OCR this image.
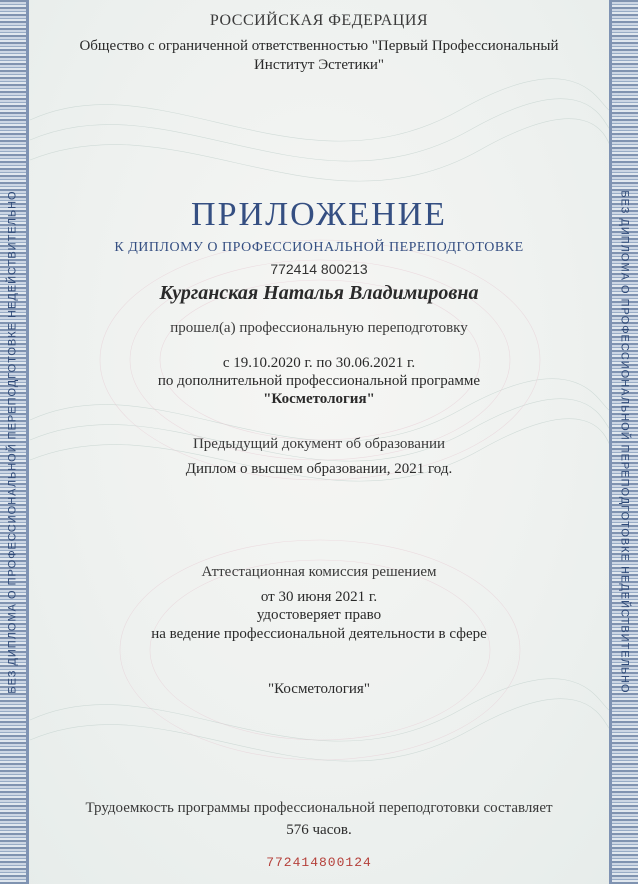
БЕЗ ДИПЛОМА О ПРОФЕССИОНАЛЬНОЙ ПЕРЕПОДГОТОВКЕ НЕДЕЙСТВИТЕЛЬНО	БЕЗ ДИПЛОМА О ПРОФЕССИОНАЛЬНОЙ ПЕРЕПОДГОТОВКЕ НЕДЕЙСТВИТЕЛЬНО
РОССИЙСКАЯ ФЕДЕРАЦИЯ
Общество с ограниченной ответственностью "Первый Профессиональный
Институт Эстетики"
ПРИЛОЖЕНИЕ
К ДИПЛОМУ О ПРОФЕССИОНАЛЬНОЙ ПЕРЕПОДГОТОВКЕ
772414 800213
Курганская Наталья Владимировна
прошел(а) профессиональную переподготовку
с 19.10.2020 г. по 30.06.2021 г.
по дополнительной профессиональной программе
"Косметология"
Предыдущий документ об образовании
Диплом о высшем образовании, 2021 год.
Аттестационная комиссия решением
от 30 июня 2021 г.
удостоверяет право
на ведение профессиональной деятельности в сфере
"Косметология"
Трудоемкость программы профессиональной переподготовки составляет
576 часов.
772414800124
